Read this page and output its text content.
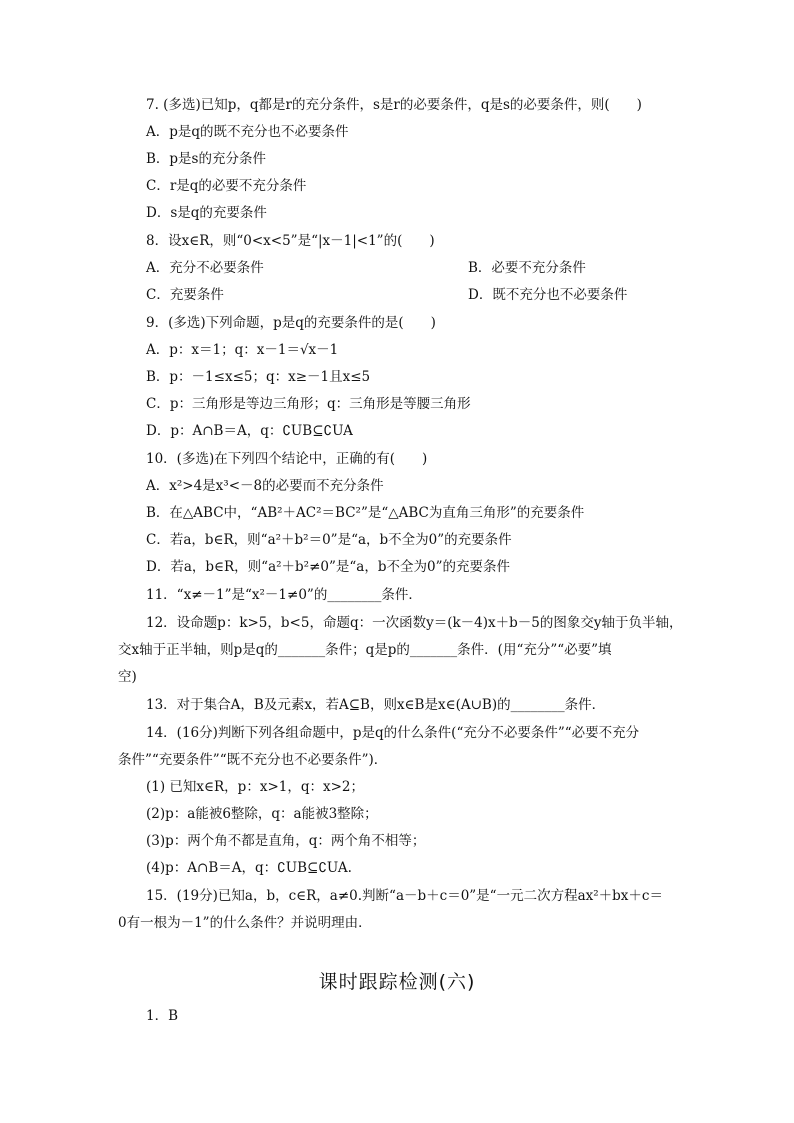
7. (多选)已知p，q都是r的充分条件，s是r的必要条件，q是s的必要条件，则(　　)
A．p是q的既不充分也不必要条件
B．p是s的充分条件
C．r是q的必要不充分条件
D．s是q的充要条件
8．设x∈R，则“0<x<5”是“|x－1|<1”的(　　)
A．充分不必要条件	B．必要不充分条件
C．充要条件	D．既不充分也不必要条件
9．(多选)下列命题，p是q的充要条件的是(　　)
A．p：x＝1；q：x－1＝√x－1
B．p：－1≤x≤5；q：x≥－1且x≤5
C．p：三角形是等边三角形；q：三角形是等腰三角形
D．p：A∩B＝A，q：∁UB⊆∁UA
10．(多选)在下列四个结论中，正确的有(　　)
A．x²>4是x³<－8的必要而不充分条件
B．在△ABC中，“AB²＋AC²＝BC²”是“△ABC为直角三角形”的充要条件
C．若a，b∈R，则“a²＋b²＝0”是“a，b不全为0”的充要条件
D．若a，b∈R，则“a²＋b²≠0”是“a，b不全为0”的充要条件
11．“x≠－1”是“x²－1≠0”的________条件．
12．设命题p：k>5，b<5，命题q：一次函数y＝(k－4)x＋b－5的图象交y轴于负半轴，
交x轴于正半轴，则p是q的_______条件；q是p的_______条件．(用“充分”“必要”填
空)
13．对于集合A，B及元素x，若A⊆B，则x∈B是x∈(A∪B)的________条件．
14．(16分)判断下列各组命题中，p是q的什么条件(“充分不必要条件”“必要不充分
条件”“充要条件”“既不充分也不必要条件”)．
(1) 已知x∈R，p：x>1，q：x>2；
(2)p：a能被6整除，q：a能被3整除；
(3)p：两个角不都是直角，q：两个角不相等；
(4)p：A∩B＝A，q：∁UB⊆∁UA.
15．(19分)已知a，b，c∈R，a≠0.判断“a－b＋c＝0”是“一元二次方程ax²＋bx＋c＝
0有一根为－1”的什么条件？并说明理由．
课时跟踪检测(六)
1．B
